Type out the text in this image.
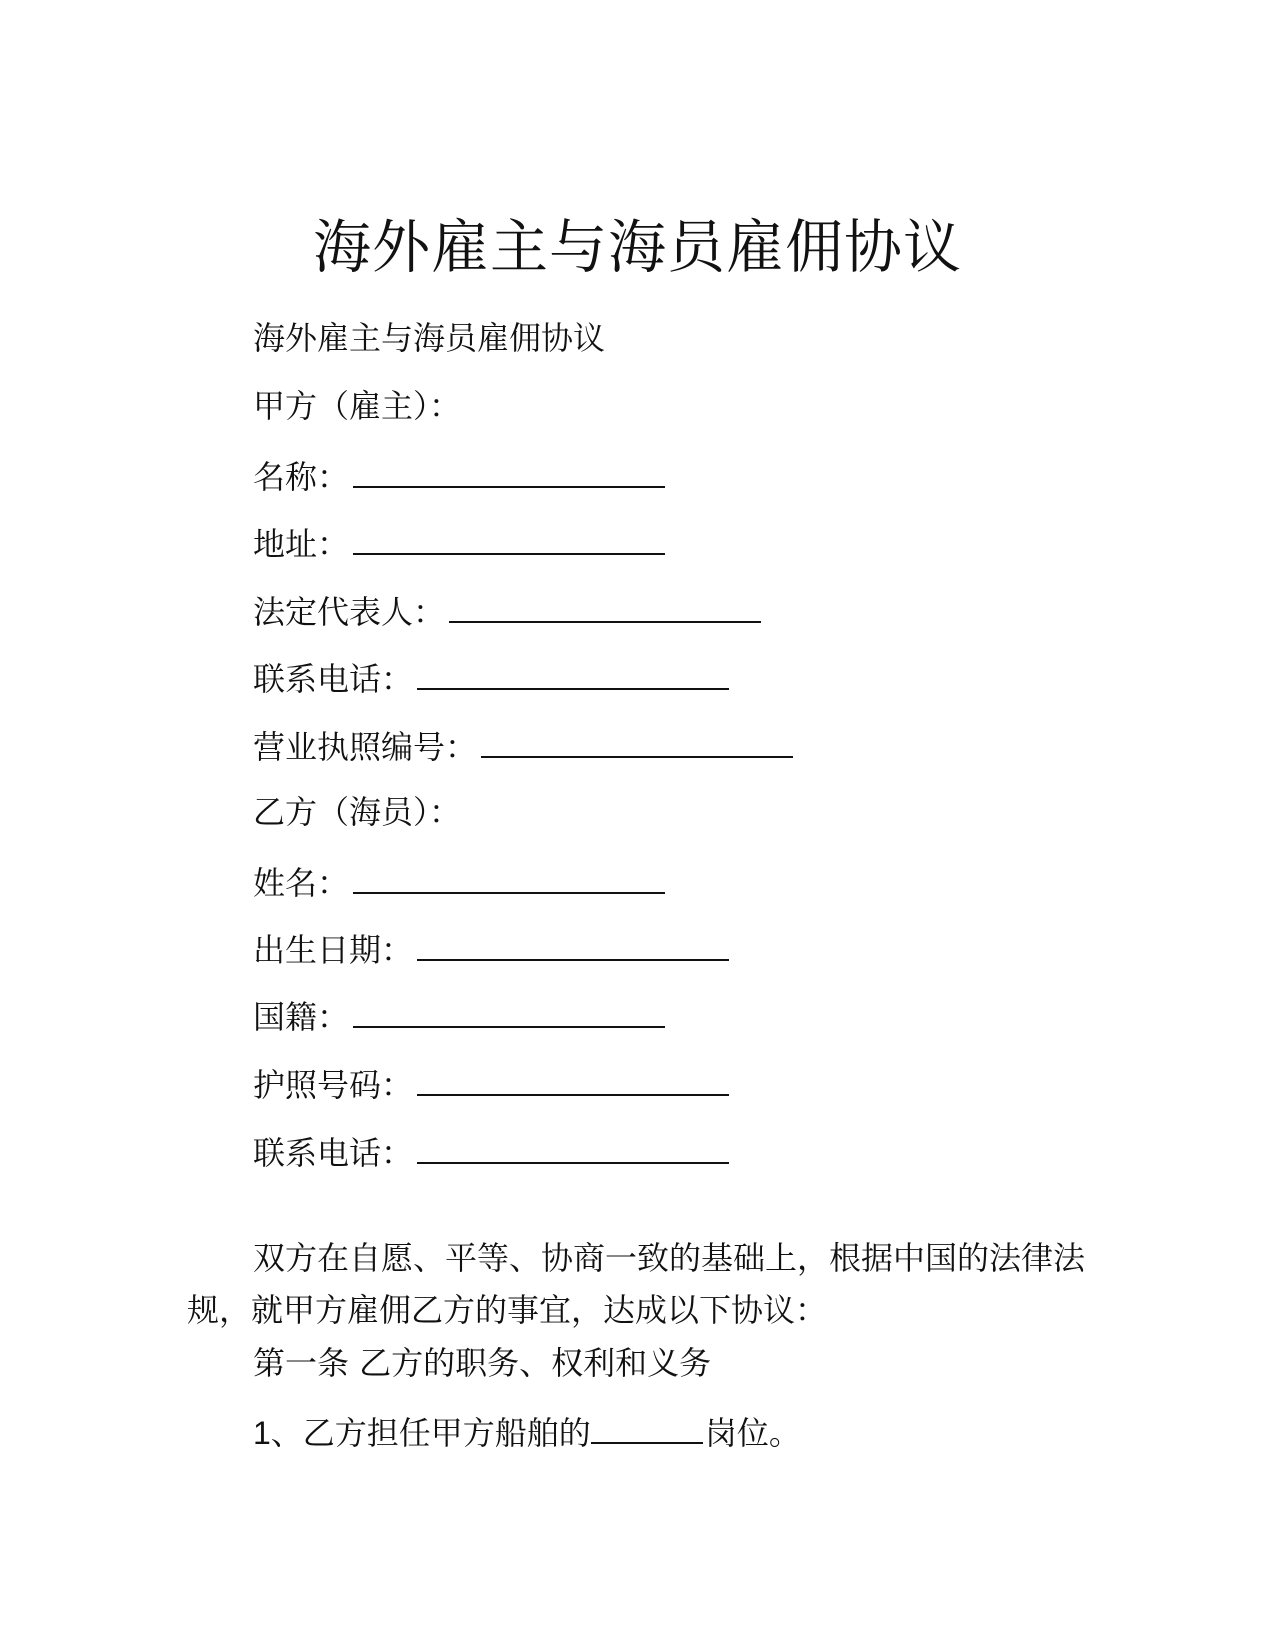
海外雇主与海员雇佣协议
海外雇主与海员雇佣协议
甲方（雇主）：
名称：
地址：
法定代表人：
联系电话：
营业执照编号：
乙方（海员）：
姓名：
出生日期：
国籍：
护照号码：
联系电话：
双方在自愿、平等、协商一致的基础上，根据中国的法律法规，就甲方雇佣乙方的事宜，达成以下协议：
第一条 乙方的职务、权利和义务
1、乙方担任甲方船舶的	岗位。
